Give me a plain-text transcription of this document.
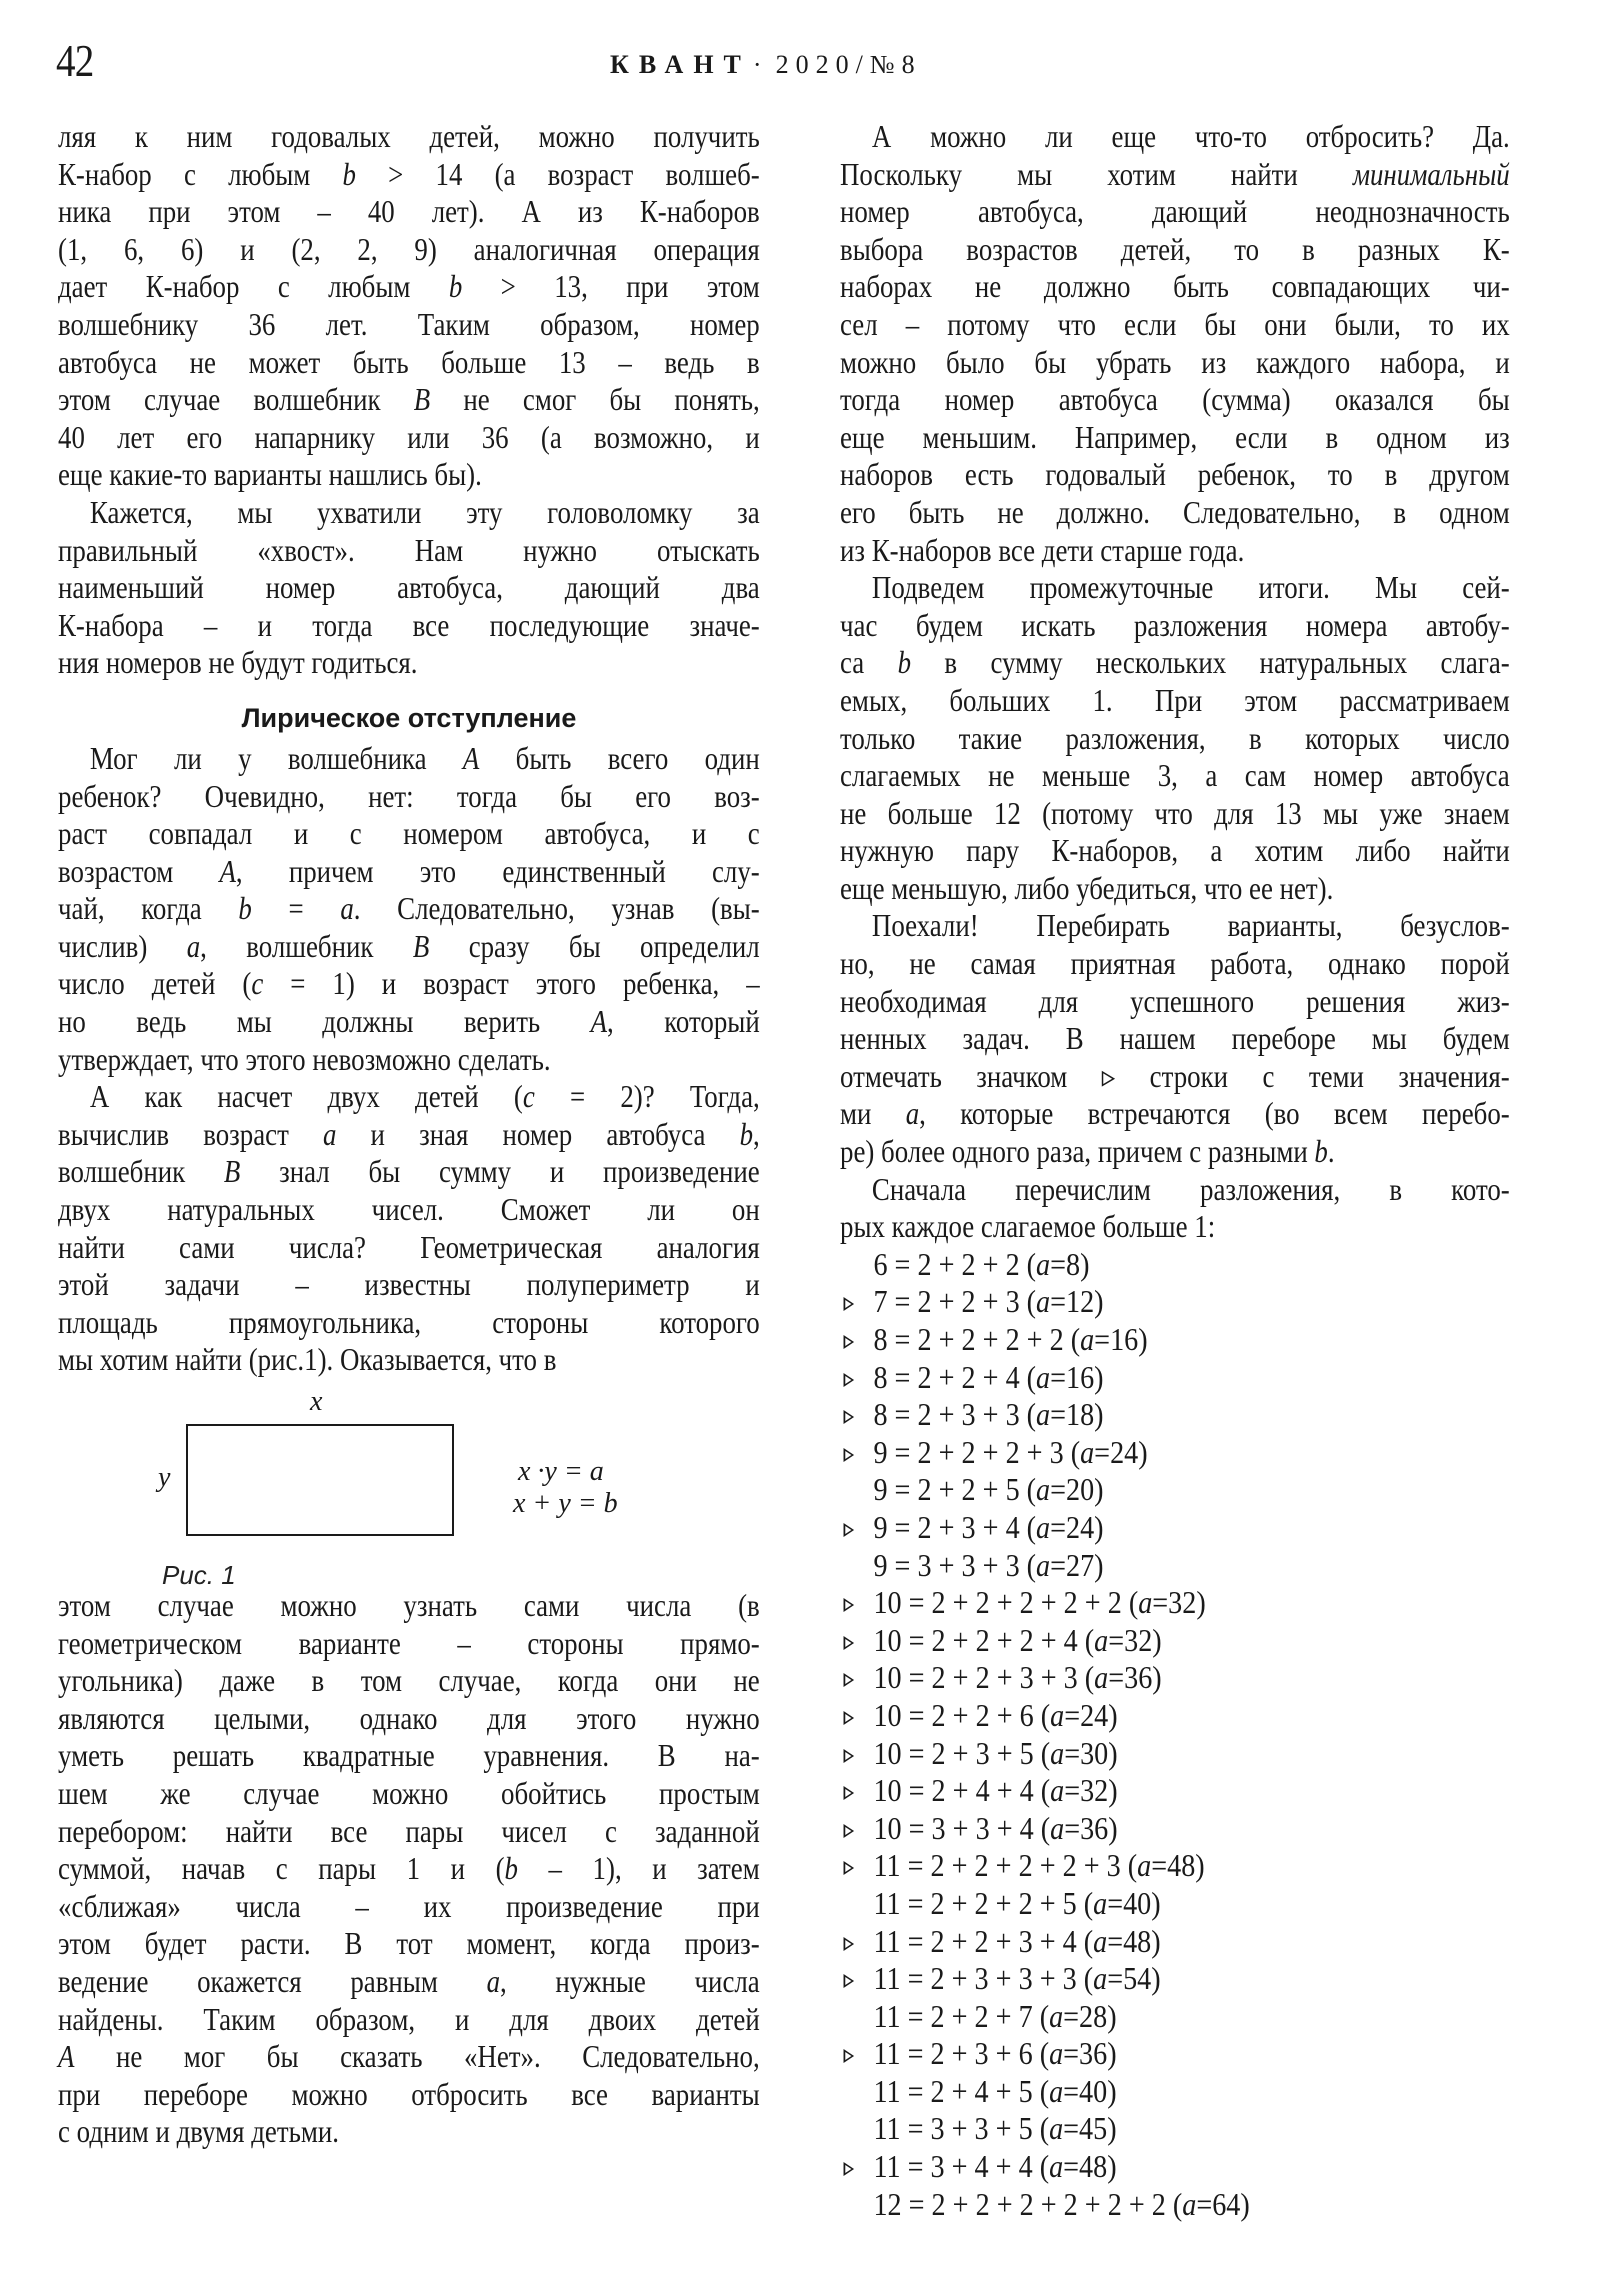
42	КВАНТ· 2020/№8
ляя к ним годовалых детей, можно получить
К-набор с любым b > 14 (а возраст волшеб-
ника при этом – 40 лет). А из К-наборов
(1, 6, 6) и (2, 2, 9) аналогичная операция
дает К-набор с любым b > 13, при этом
волшебнику 36 лет. Таким образом, номер
автобуса не может быть больше 13 – ведь в
этом случае волшебник B не смог бы понять,
40 лет его напарнику или 36 (а возможно, и
еще какие-то варианты нашлись бы).
Кажется, мы ухватили эту головоломку за
правильный «хвост». Нам нужно отыскать
наименьший номер автобуса, дающий два
К-набора – и тогда все последующие значе-
ния номеров не будут годиться.
Лирическое отступление
Мог ли у волшебника A быть всего один
ребенок? Очевидно, нет: тогда бы его воз-
раст совпадал и с номером автобуса, и с
возрастом A, причем это единственный слу-
чай, когда b = a. Следовательно, узнав (вы-
числив) a, волшебник B сразу бы определил
число детей (c = 1) и возраст этого ребенка, –
но ведь мы должны верить A, который
утверждает, что этого невозможно сделать.
А как насчет двух детей (c = 2)? Тогда,
вычислив возраст a и зная номер автобуса b,
волшебник B знал бы сумму и произведение
двух натуральных чисел. Сможет ли он
найти сами числа? Геометрическая аналогия
этой задачи – известны полупериметр и
площадь прямоугольника, стороны которого
мы хотим найти (рис.1). Оказывается, что в
x
y	x ·y = a
x + y = b
Рис. 1
этом случае можно узнать сами числа (в
геометрическом варианте – стороны прямо-
угольника) даже в том случае, когда они не
являются целыми, однако для этого нужно
уметь решать квадратные уравнения. В на-
шем же случае можно обойтись простым
перебором: найти все пары чисел с заданной
суммой, начав с пары 1 и (b – 1), и затем
«сближая» числа – их произведение при
этом будет расти. В тот момент, когда произ-
ведение окажется равным a, нужные числа
найдены. Таким образом, и для двоих детей
A не мог бы сказать «Нет». Следовательно,
при переборе можно отбросить все варианты
с одним и двумя детьми.
А можно ли еще что-то отбросить? Да.
Поскольку мы хотим найти минимальный
номер автобуса, дающий неоднозначность
выбора возрастов детей, то в разных К-
наборах не должно быть совпадающих чи-
сел – потому что если бы они были, то их
можно было бы убрать из каждого набора, и
тогда номер автобуса (сумма) оказался бы
еще меньшим. Например, если в одном из
наборов есть годовалый ребенок, то в другом
его быть не должно. Следовательно, в одном
из К-наборов все дети старше года.
Подведем промежуточные итоги. Мы сей-
час будем искать разложения номера автобу-
са b в сумму нескольких натуральных слага-
емых, больших 1. При этом рассматриваем
только такие разложения, в которых число
слагаемых не меньше 3, а сам номер автобуса
не больше 12 (потому что для 13 мы уже знаем
нужную пару К-наборов, а хотим либо найти
еще меньшую, либо убедиться, что ее нет).
Поехали! Перебирать варианты, безуслов-
но, не самая приятная работа, однако порой
необходимая для успешного решения жиз-
ненных задач. В нашем переборе мы будем
отмечать значком ▹ строки с теми значения-
ми a, которые встречаются (во всем перебо-
ре) более одного раза, причем с разными b.
Сначала перечислим разложения, в кото-
рых каждое слагаемое больше 1:
6 = 2 + 2 + 2 (a=8)
7 = 2 + 2 + 3 (a=12)
8 = 2 + 2 + 2 + 2 (a=16)
8 = 2 + 2 + 4 (a=16)
8 = 2 + 3 + 3 (a=18)
9 = 2 + 2 + 2 + 3 (a=24)
9 = 2 + 2 + 5 (a=20)
9 = 2 + 3 + 4 (a=24)
9 = 3 + 3 + 3 (a=27)
10 = 2 + 2 + 2 + 2 + 2 (a=32)
10 = 2 + 2 + 2 + 4 (a=32)
10 = 2 + 2 + 3 + 3 (a=36)
10 = 2 + 2 + 6 (a=24)
10 = 2 + 3 + 5 (a=30)
10 = 2 + 4 + 4 (a=32)
10 = 3 + 3 + 4 (a=36)
11 = 2 + 2 + 2 + 2 + 3 (a=48)
11 = 2 + 2 + 2 + 5 (a=40)
11 = 2 + 2 + 3 + 4 (a=48)
11 = 2 + 3 + 3 + 3 (a=54)
11 = 2 + 2 + 7 (a=28)
11 = 2 + 3 + 6 (a=36)
11 = 2 + 4 + 5 (a=40)
11 = 3 + 3 + 5 (a=45)
11 = 3 + 4 + 4 (a=48)
12 = 2 + 2 + 2 + 2 + 2 + 2 (a=64)
